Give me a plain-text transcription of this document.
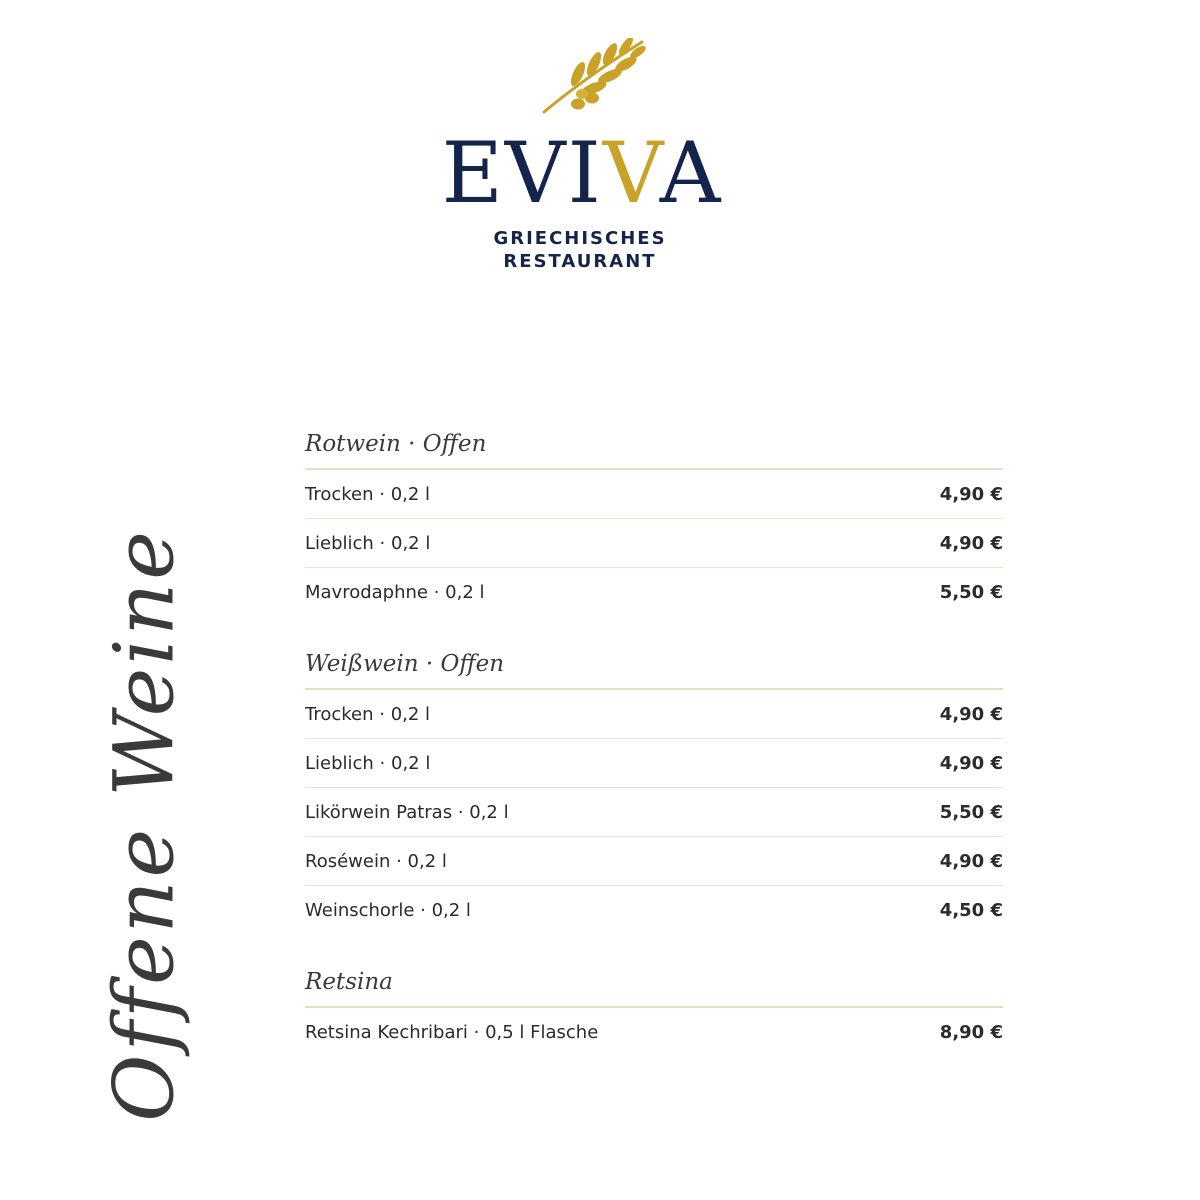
EVIVA
GRIECHISCHES
RESTAURANT
Offene Weine
Rotwein · Offen
Trocken · 0,2 l	4,90 €
Lieblich · 0,2 l	4,90 €
Mavrodaphne · 0,2 l	5,50 €
Weißwein · Offen
Trocken · 0,2 l	4,90 €
Lieblich · 0,2 l	4,90 €
Likörwein Patras · 0,2 l	5,50 €
Roséwein · 0,2 l	4,90 €
Weinschorle · 0,2 l	4,50 €
Retsina
Retsina Kechribari · 0,5 l Flasche	8,90 €
